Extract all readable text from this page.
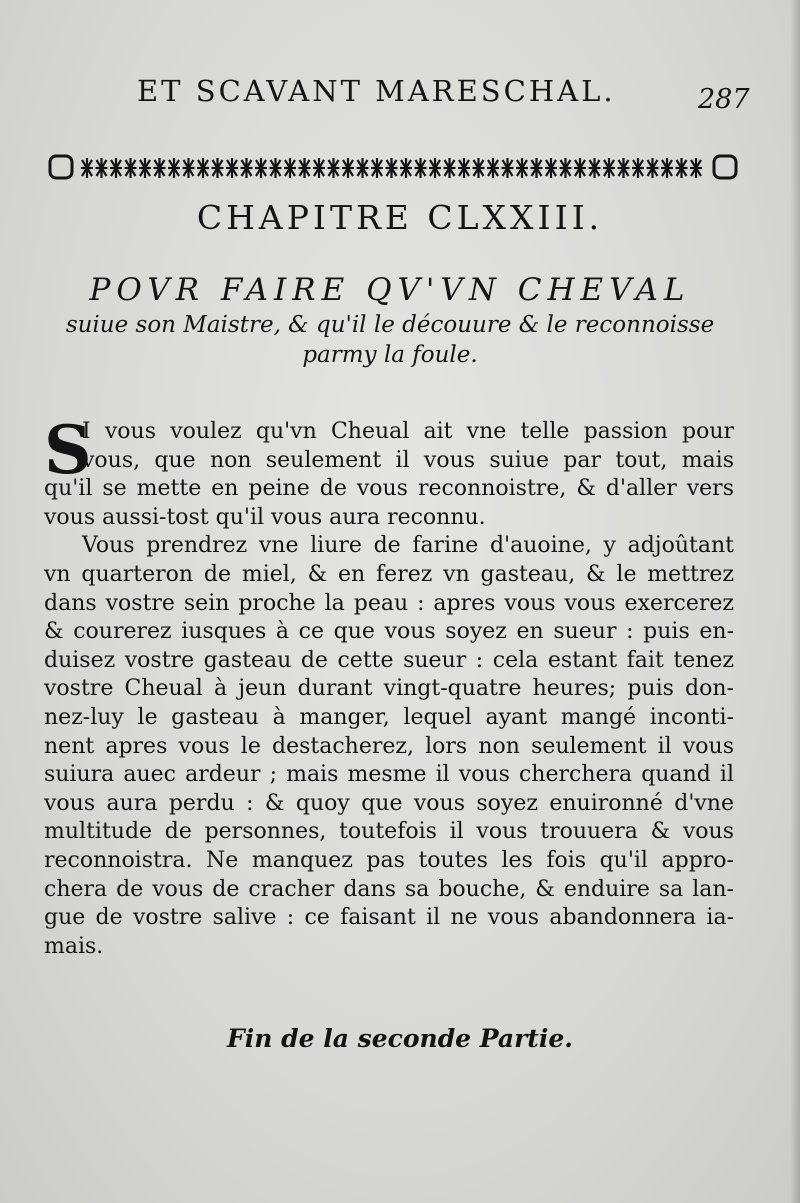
ET SCAVANT MARESCHAL.	287
CHAPITRE CLXXIII.
POVR FAIRE QV'VN CHEVAL
suiue son Maistre, & qu'il le découure & le reconnoisse
parmy la foule.
S
I vous voulez qu'vn Cheual ait vne telle passion pour
vous, que non seulement il vous suiue par tout, mais
qu'il se mette en peine de vous reconnoistre, & d'aller vers
vous aussi-tost qu'il vous aura reconnu.
Vous prendrez vne liure de farine d'auoine, y adjoûtant
vn quarteron de miel, & en ferez vn gasteau, & le mettrez
dans vostre sein proche la peau : apres vous vous exercerez
& courerez iusques à ce que vous soyez en sueur : puis en-
duisez vostre gasteau de cette sueur : cela estant fait tenez
vostre Cheual à jeun durant vingt-quatre heures; puis don-
nez-luy le gasteau à manger, lequel ayant mangé inconti-
nent apres vous le destacherez, lors non seulement il vous
suiura auec ardeur ; mais mesme il vous cherchera quand il
vous aura perdu : & quoy que vous soyez enuironné d'vne
multitude de personnes, toutefois il vous trouuera & vous
reconnoistra. Ne manquez pas toutes les fois qu'il appro-
chera de vous de cracher dans sa bouche, & enduire sa lan-
gue de vostre salive : ce faisant il ne vous abandonnera ia-
mais.
Fin de la seconde Partie.
